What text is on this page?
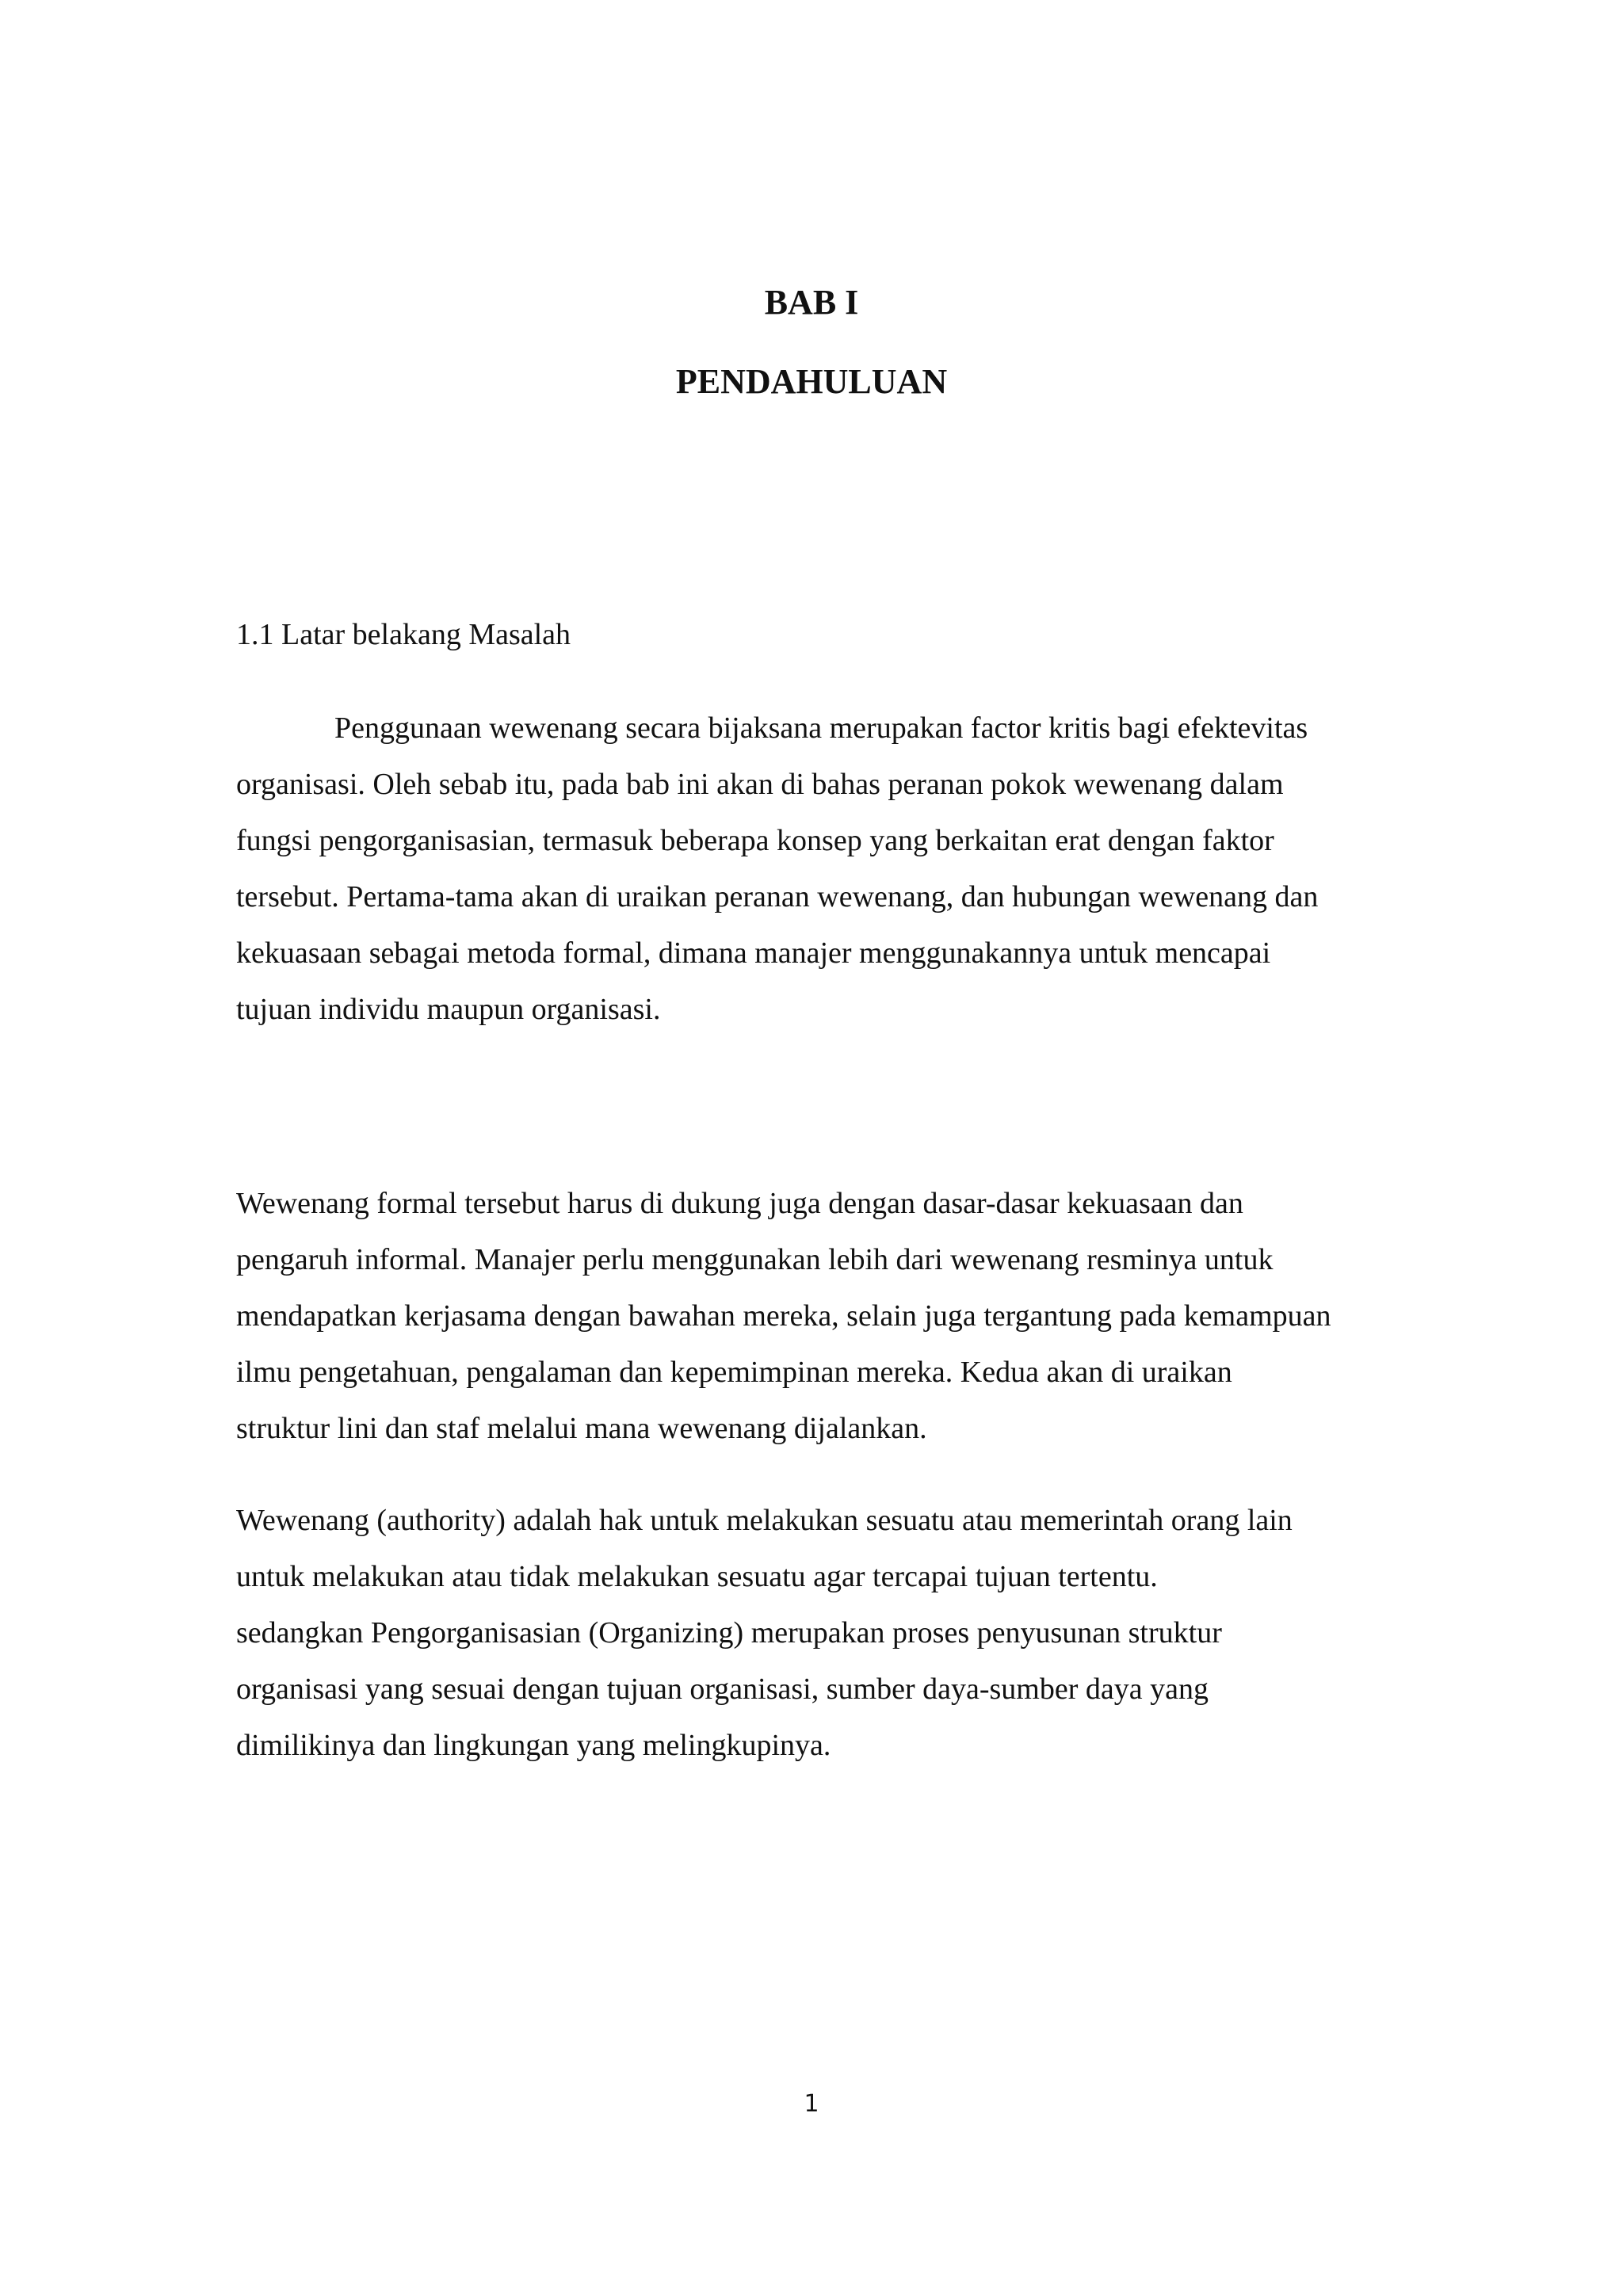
BAB I
PENDAHULUAN
1.1 Latar belakang Masalah

Penggunaan wewenang secara bijaksana merupakan factor kritis bagi efektevitas
organisasi. Oleh sebab itu, pada bab ini akan di bahas peranan pokok wewenang dalam
fungsi pengorganisasian, termasuk beberapa konsep yang berkaitan erat dengan faktor
tersebut. Pertama-tama akan di uraikan peranan wewenang, dan hubungan wewenang dan
kekuasaan sebagai metoda formal, dimana manajer menggunakannya untuk mencapai
tujuan individu maupun organisasi.

Wewenang formal tersebut harus di dukung juga dengan dasar-dasar kekuasaan dan
pengaruh informal. Manajer perlu menggunakan lebih dari wewenang resminya untuk
mendapatkan kerjasama dengan bawahan mereka, selain juga tergantung pada kemampuan
ilmu pengetahuan, pengalaman dan kepemimpinan mereka. Kedua akan di uraikan
struktur lini dan staf melalui mana wewenang dijalankan.

Wewenang (authority) adalah hak untuk melakukan sesuatu atau memerintah orang lain
untuk melakukan atau tidak melakukan sesuatu agar tercapai tujuan tertentu.
sedangkan Pengorganisasian (Organizing) merupakan proses penyusunan struktur
organisasi yang sesuai dengan tujuan organisasi, sumber daya-sumber daya yang
dimilikinya dan lingkungan yang melingkupinya.

1
